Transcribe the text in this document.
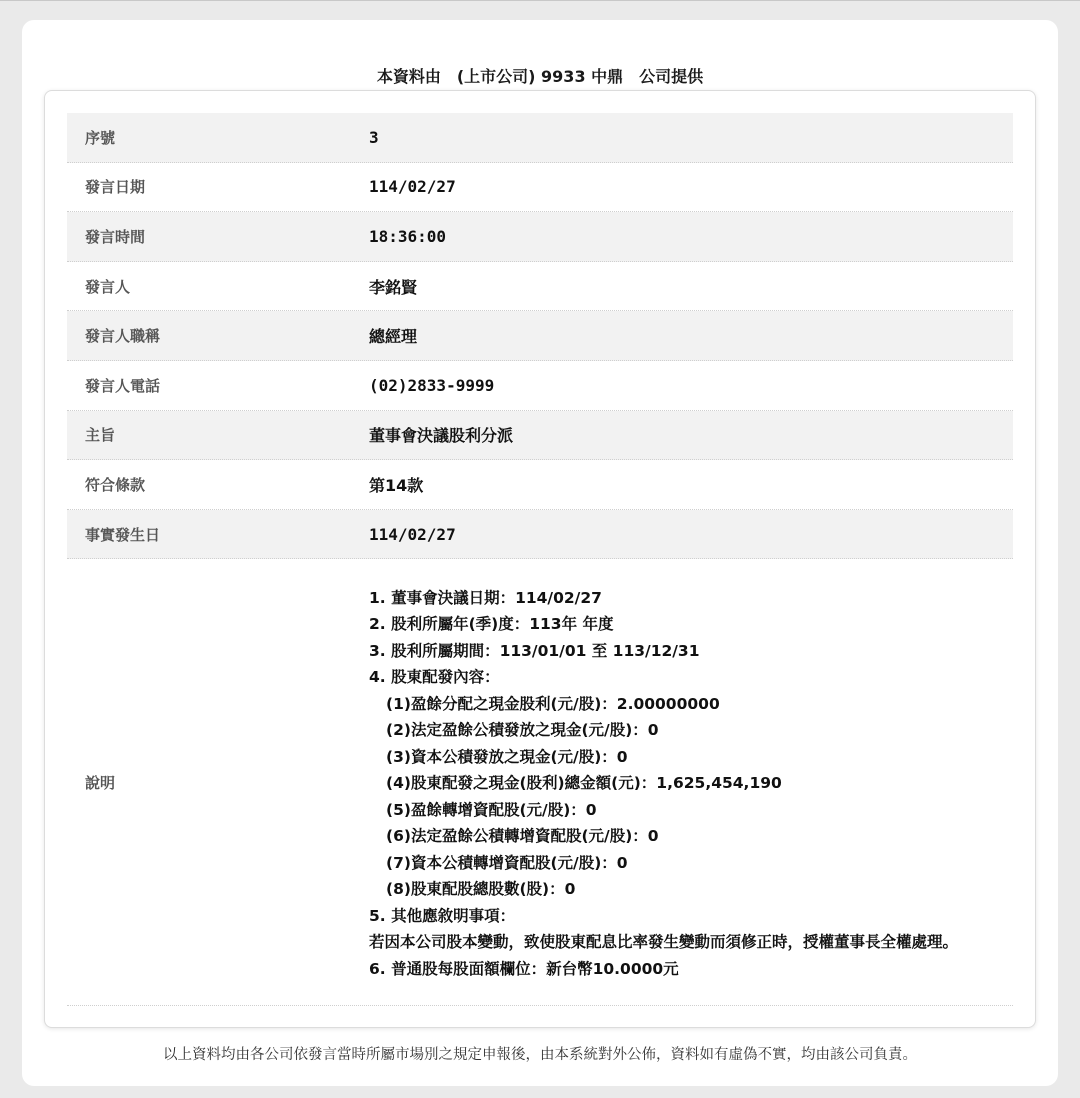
本資料由　(上市公司) 9933 中鼎　公司提供
序號	3
發言日期	114/02/27
發言時間	18:36:00
發言人	李銘賢
發言人職稱	總經理
發言人電話	(02)2833-9999
主旨	董事會決議股利分派
符合條款	第14款
事實發生日	114/02/27
說明
1. 董事會決議日期：114/02/27
2. 股利所屬年(季)度：113年 年度
3. 股利所屬期間：113/01/01 至 113/12/31
4. 股東配發內容：
(1)盈餘分配之現金股利(元/股)：2.00000000
(2)法定盈餘公積發放之現金(元/股)：0
(3)資本公積發放之現金(元/股)：0
(4)股東配發之現金(股利)總金額(元)：1,625,454,190
(5)盈餘轉增資配股(元/股)：0
(6)法定盈餘公積轉增資配股(元/股)：0
(7)資本公積轉增資配股(元/股)：0
(8)股東配股總股數(股)：0
5. 其他應敘明事項：
若因本公司股本變動，致使股東配息比率發生變動而須修正時，授權董事長全權處理。
6. 普通股每股面額欄位：新台幣10.0000元
以上資料均由各公司依發言當時所屬市場別之規定申報後，由本系統對外公佈，資料如有虛偽不實，均由該公司負責。
